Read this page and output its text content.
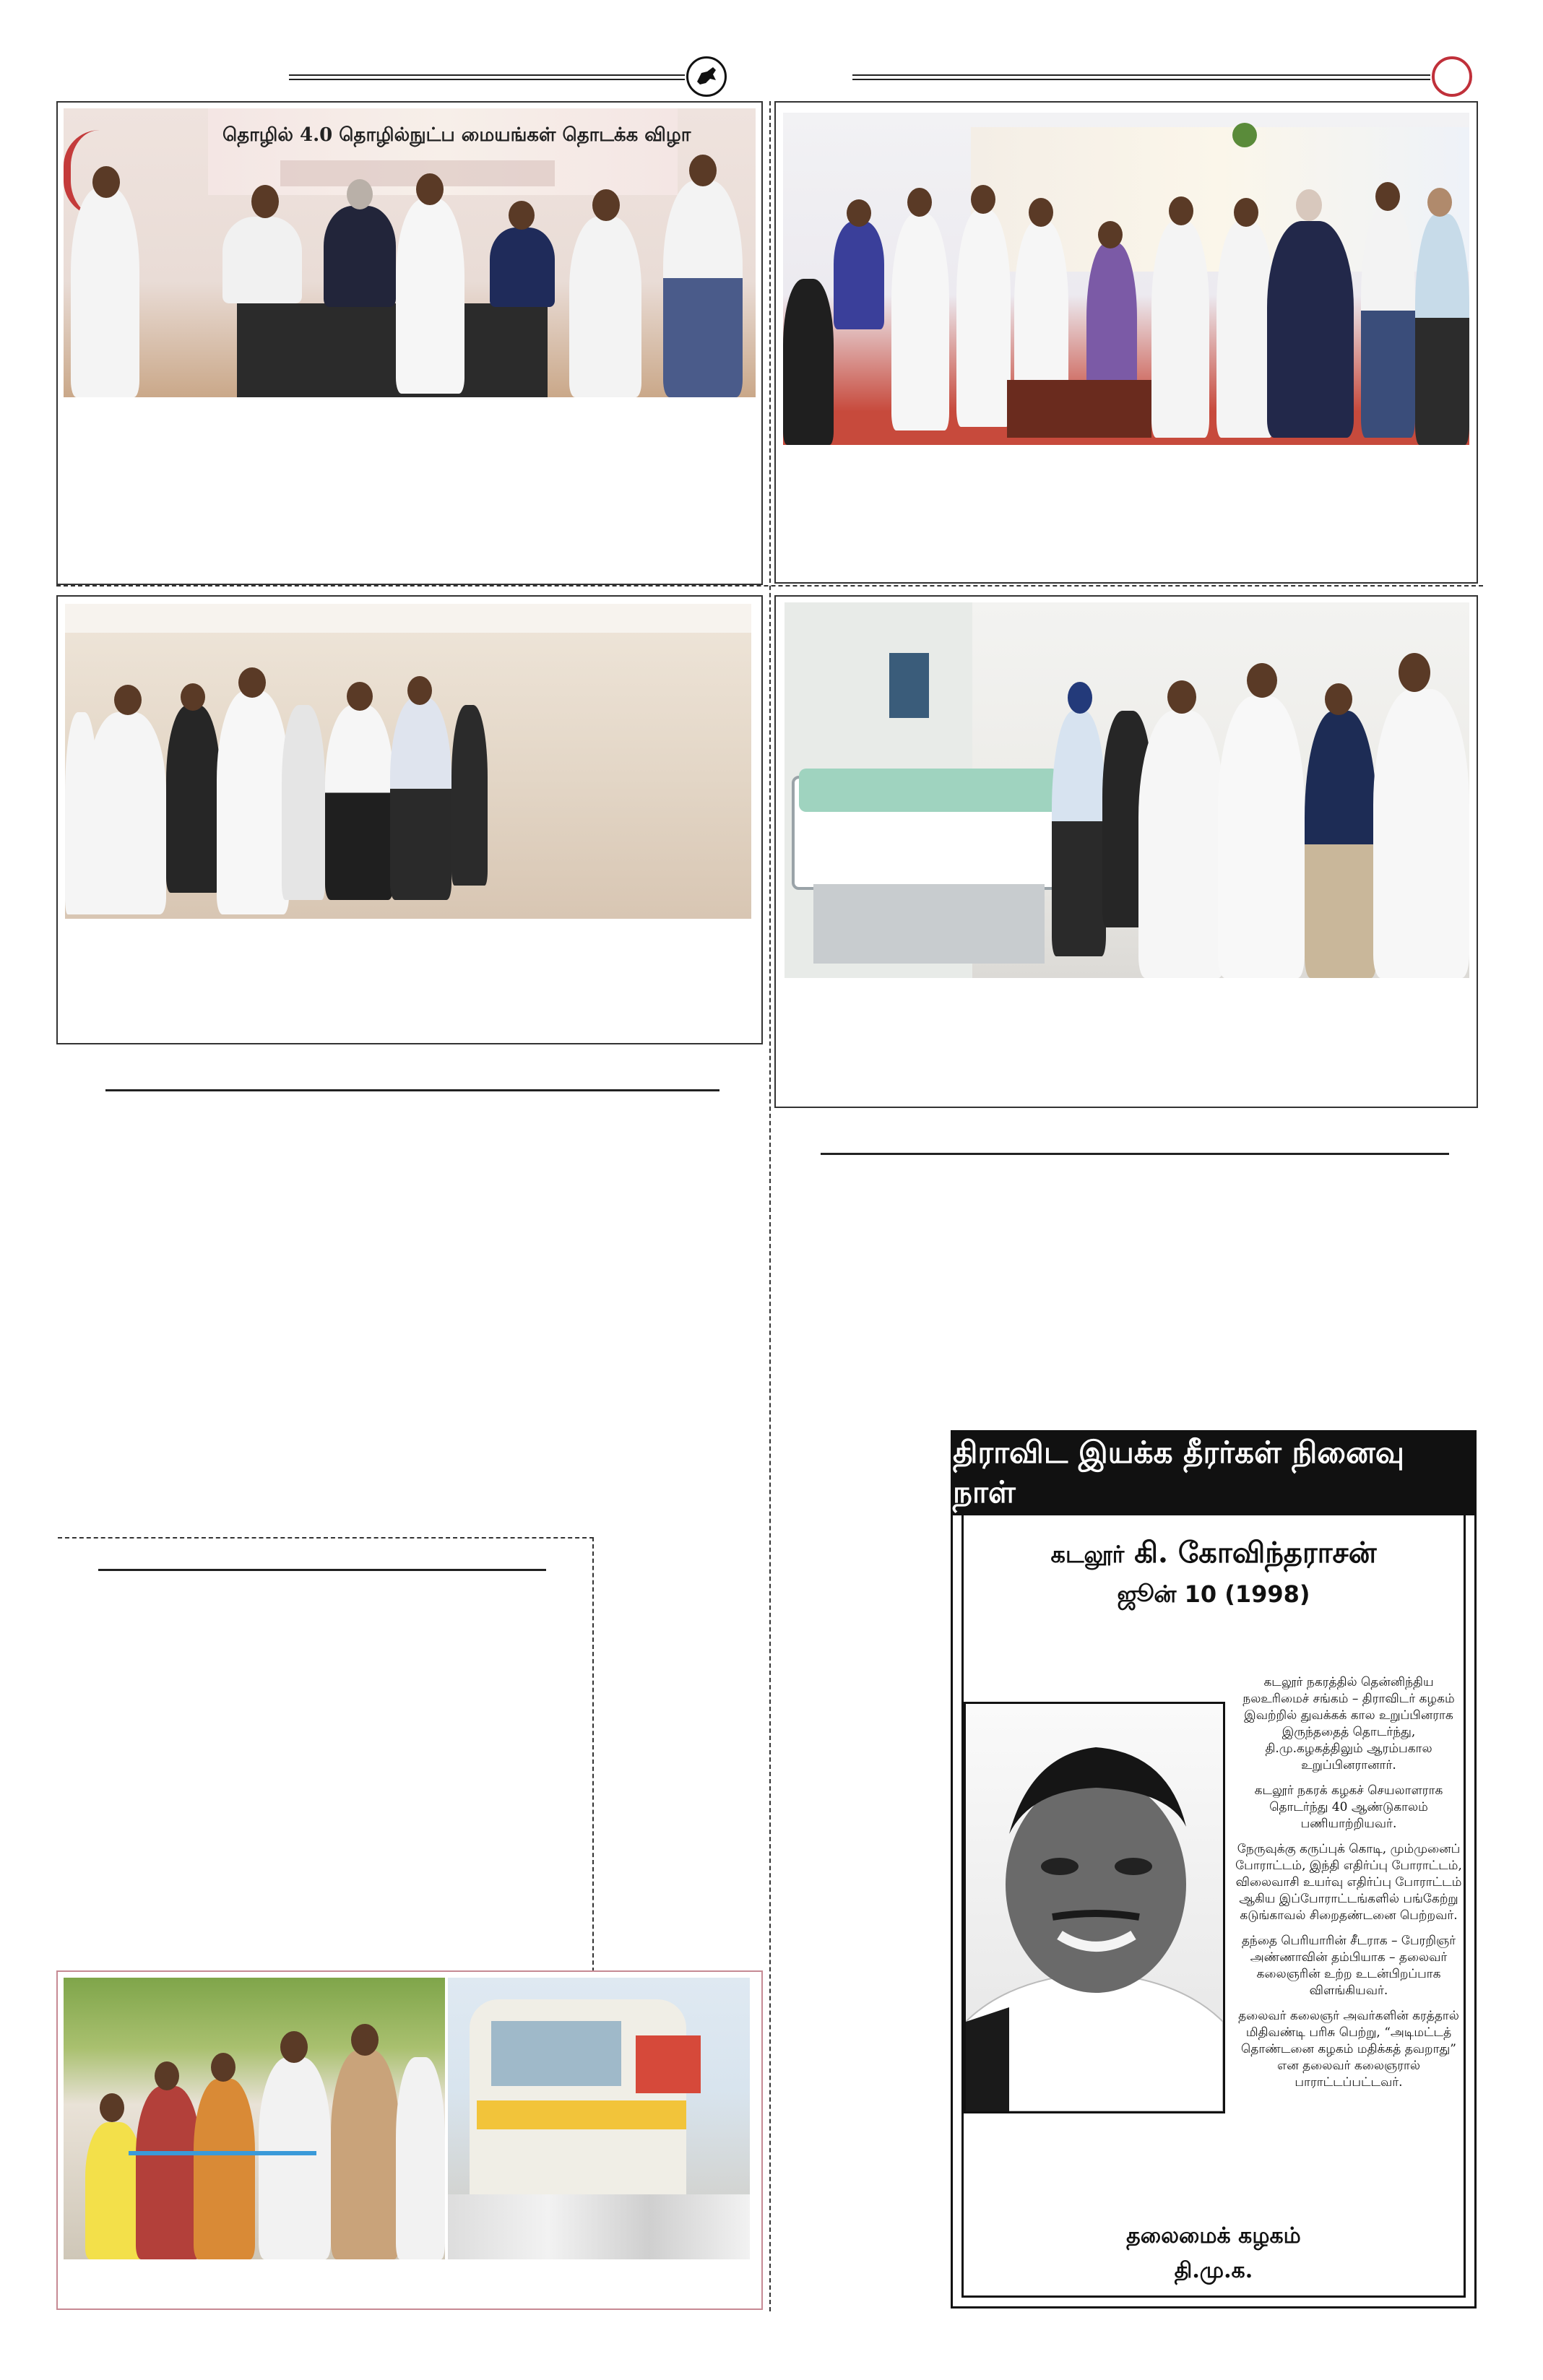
தொழில் 4.0 தொழில்நுட்ப மையங்கள் தொடக்க விழா
திராவிட இயக்க தீரர்கள் நினைவு நாள்
கடலூர் கி. கோவிந்தராசன்
ஜூன் 10 (1998)

கடலூர் நகரத்தில் தென்னிந்திய நலஉரிமைச் சங்கம் – திராவிடர் கழகம் இவற்றில் துவக்கக் கால உறுப்பினராக இருந்ததைத் தொடர்ந்து, தி.மு.கழகத்திலும் ஆரம்பகால உறுப்பினரானார்.

கடலூர் நகரக் கழகச் செயலாளராக தொடர்ந்து 40 ஆண்டுகாலம் பணியாற்றியவர்.

நேருவுக்கு கருப்புக் கொடி, மும்முனைப் போராட்டம், இந்தி எதிர்ப்பு போராட்டம், விலைவாசி உயர்வு எதிர்ப்பு போராட்டம் ஆகிய இப்போராட்டங்களில் பங்கேற்று கடுங்காவல் சிறைதண்டனை பெற்றவர்.

தந்தை பெரியாரின் சீடராக – பேரறிஞர் அண்ணாவின் தம்பியாக – தலைவர் கலைஞரின் உற்ற உடன்பிறப்பாக விளங்கியவர்.

தலைவர் கலைஞர் அவர்களின் கரத்தால் மிதிவண்டி பரிசு பெற்று, “அடிமட்டத் தொண்டனை கழகம் மதிக்கத் தவறாது” என தலைவர் கலைஞரால் பாராட்டப்பட்டவர்.

தலைமைக் கழகம்
தி.மு.க.
